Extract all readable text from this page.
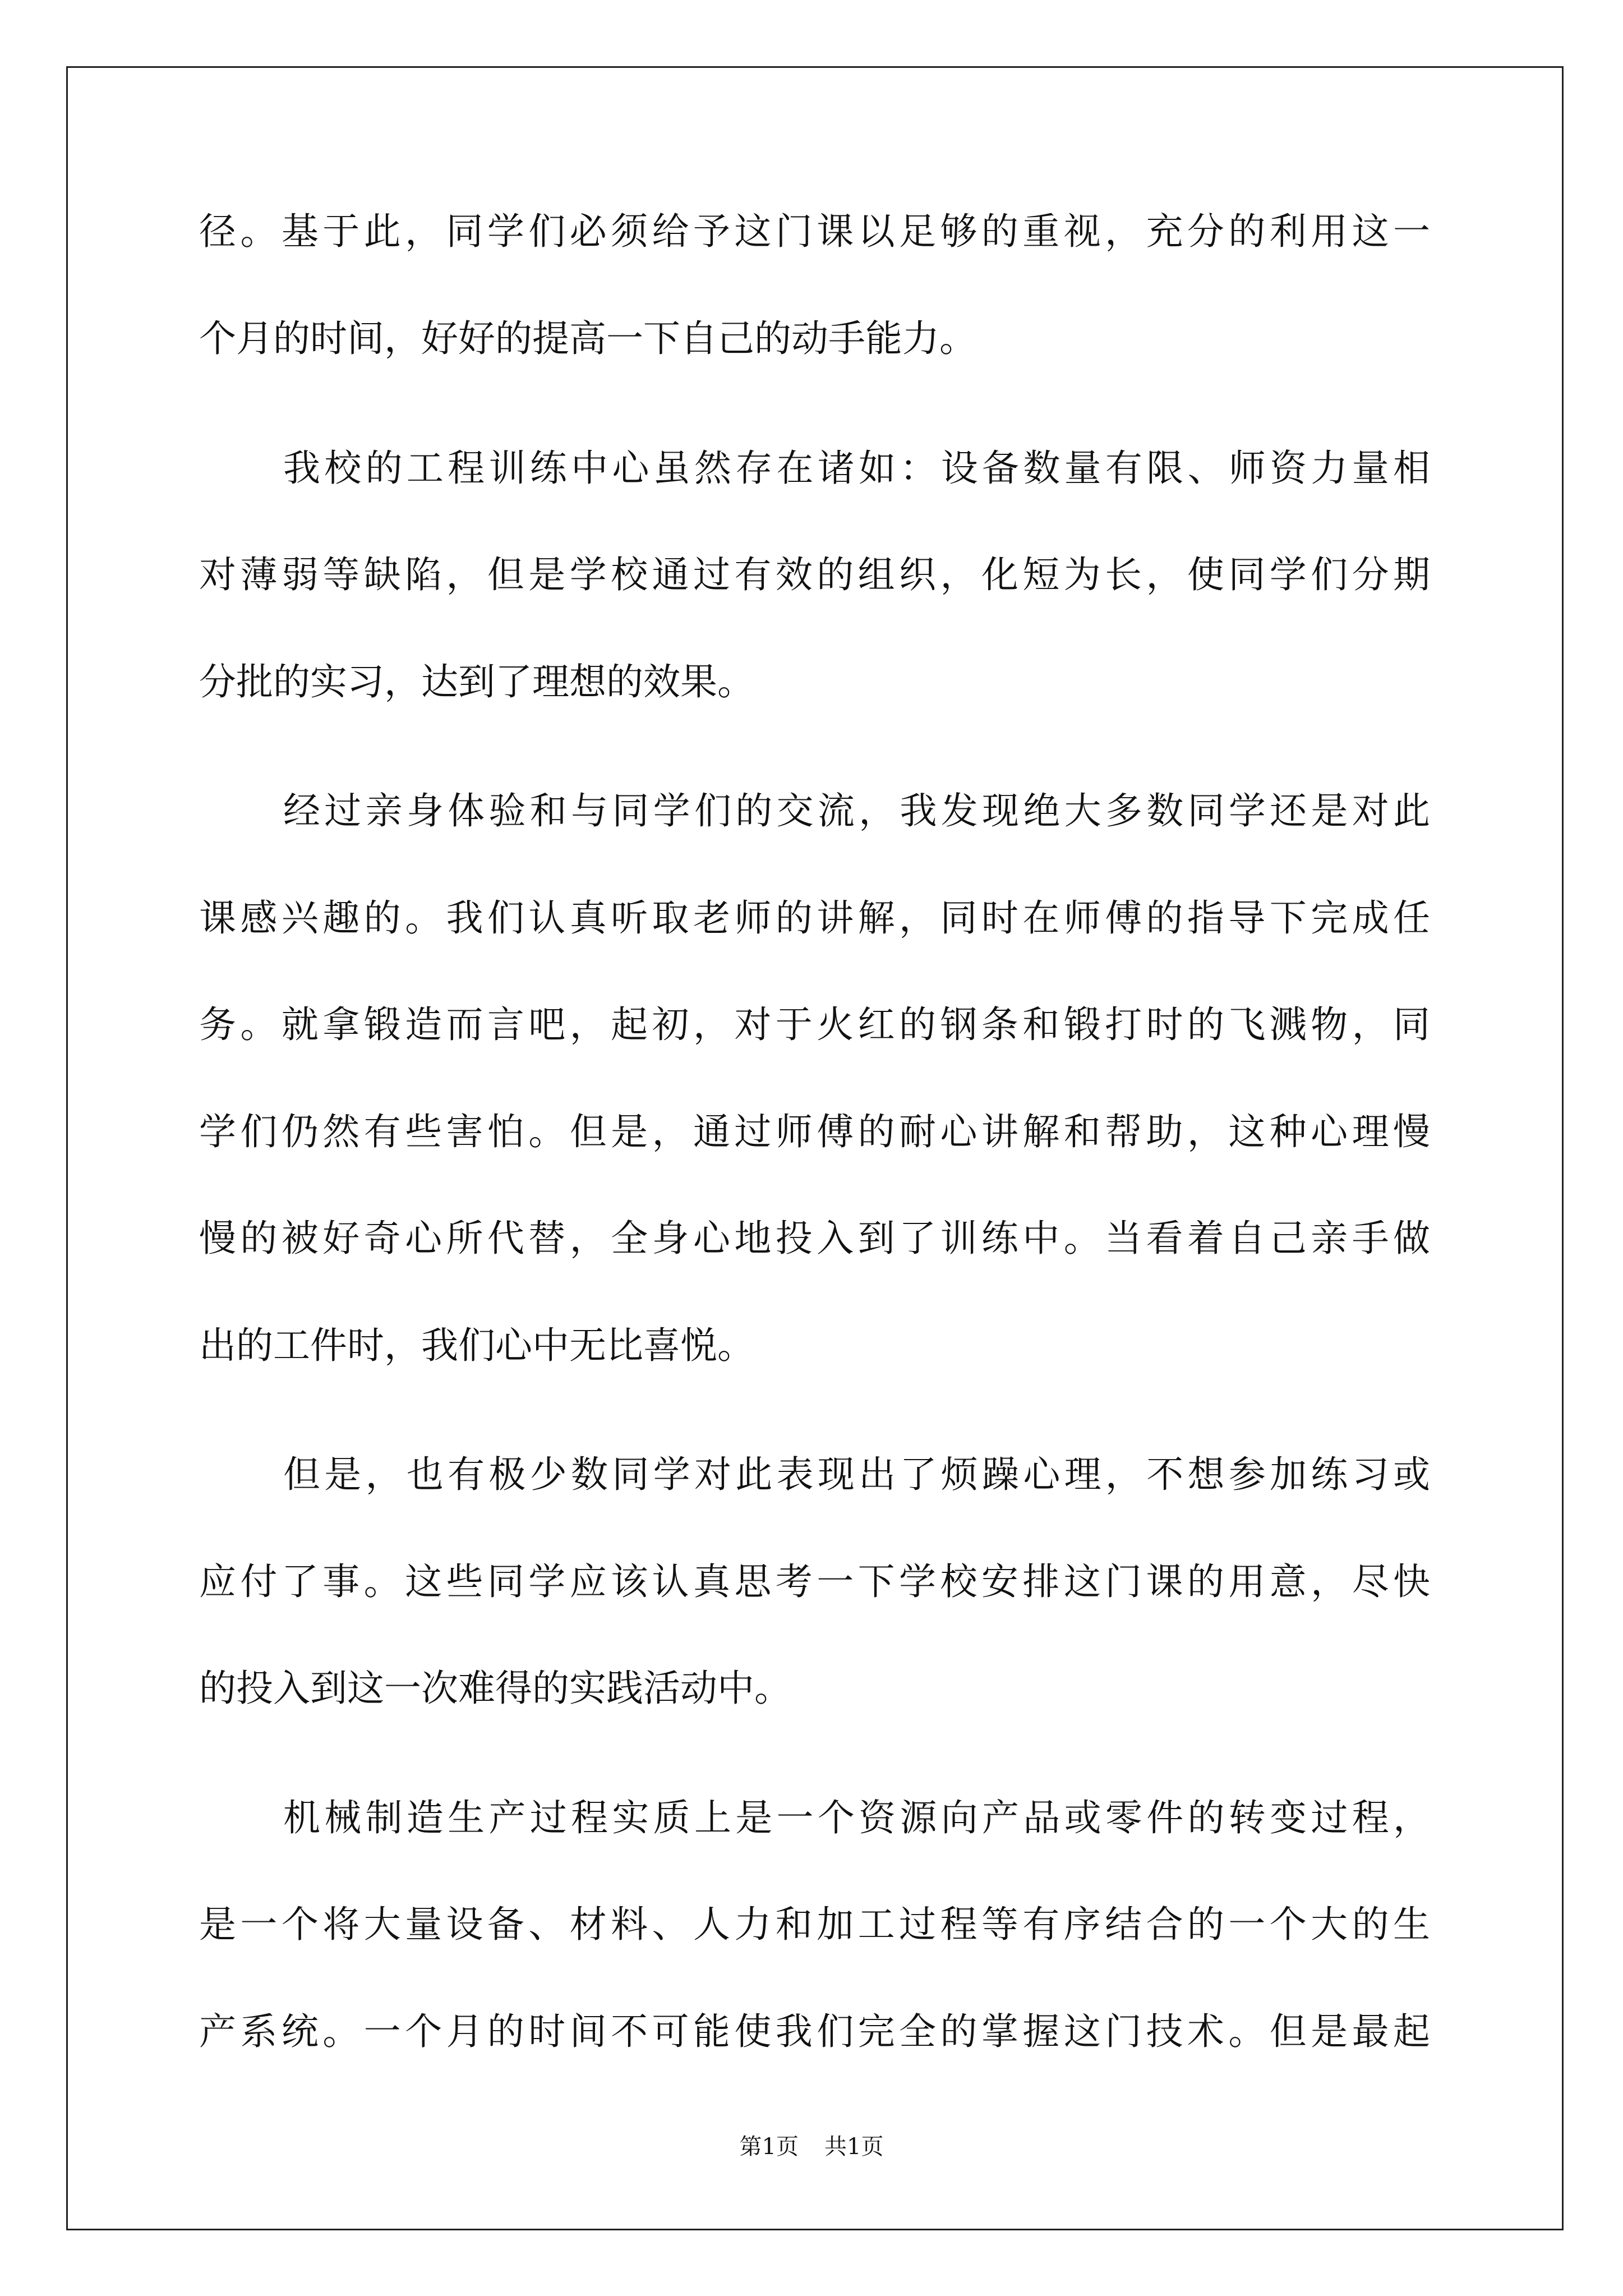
径。基于此，同学们必须给予这门课以足够的重视，充分的利用这一
个月的时间，好好的提高一下自己的动手能力。
我校的工程训练中心虽然存在诸如：设备数量有限、师资力量相
对薄弱等缺陷，但是学校通过有效的组织，化短为长，使同学们分期
分批的实习，达到了理想的效果。
经过亲身体验和与同学们的交流，我发现绝大多数同学还是对此
课感兴趣的。我们认真听取老师的讲解，同时在师傅的指导下完成任
务。就拿锻造而言吧，起初，对于火红的钢条和锻打时的飞溅物，同
学们仍然有些害怕。但是，通过师傅的耐心讲解和帮助，这种心理慢
慢的被好奇心所代替，全身心地投入到了训练中。当看着自己亲手做
出的工件时，我们心中无比喜悦。
但是，也有极少数同学对此表现出了烦躁心理，不想参加练习或
应付了事。这些同学应该认真思考一下学校安排这门课的用意，尽快
的投入到这一次难得的实践活动中。
机械制造生产过程实质上是一个资源向产品或零件的转变过程，
是一个将大量设备、材料、人力和加工过程等有序结合的一个大的生
产系统。一个月的时间不可能使我们完全的掌握这门技术。但是最起
第1页 共1页
